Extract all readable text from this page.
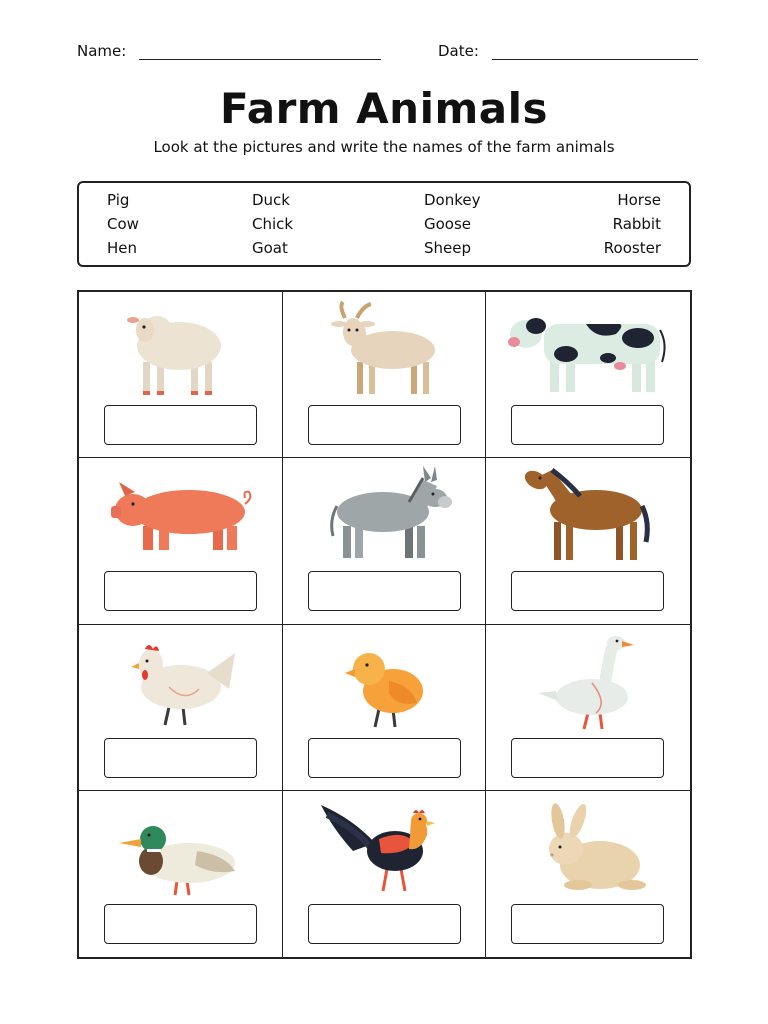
Name:	Date:
Farm Animals
Look at the pictures and write the names of the farm animals
Pig
Cow
Hen
Duck
Chick
Goat
Donkey
Goose
Sheep
Horse
Rabbit
Rooster
